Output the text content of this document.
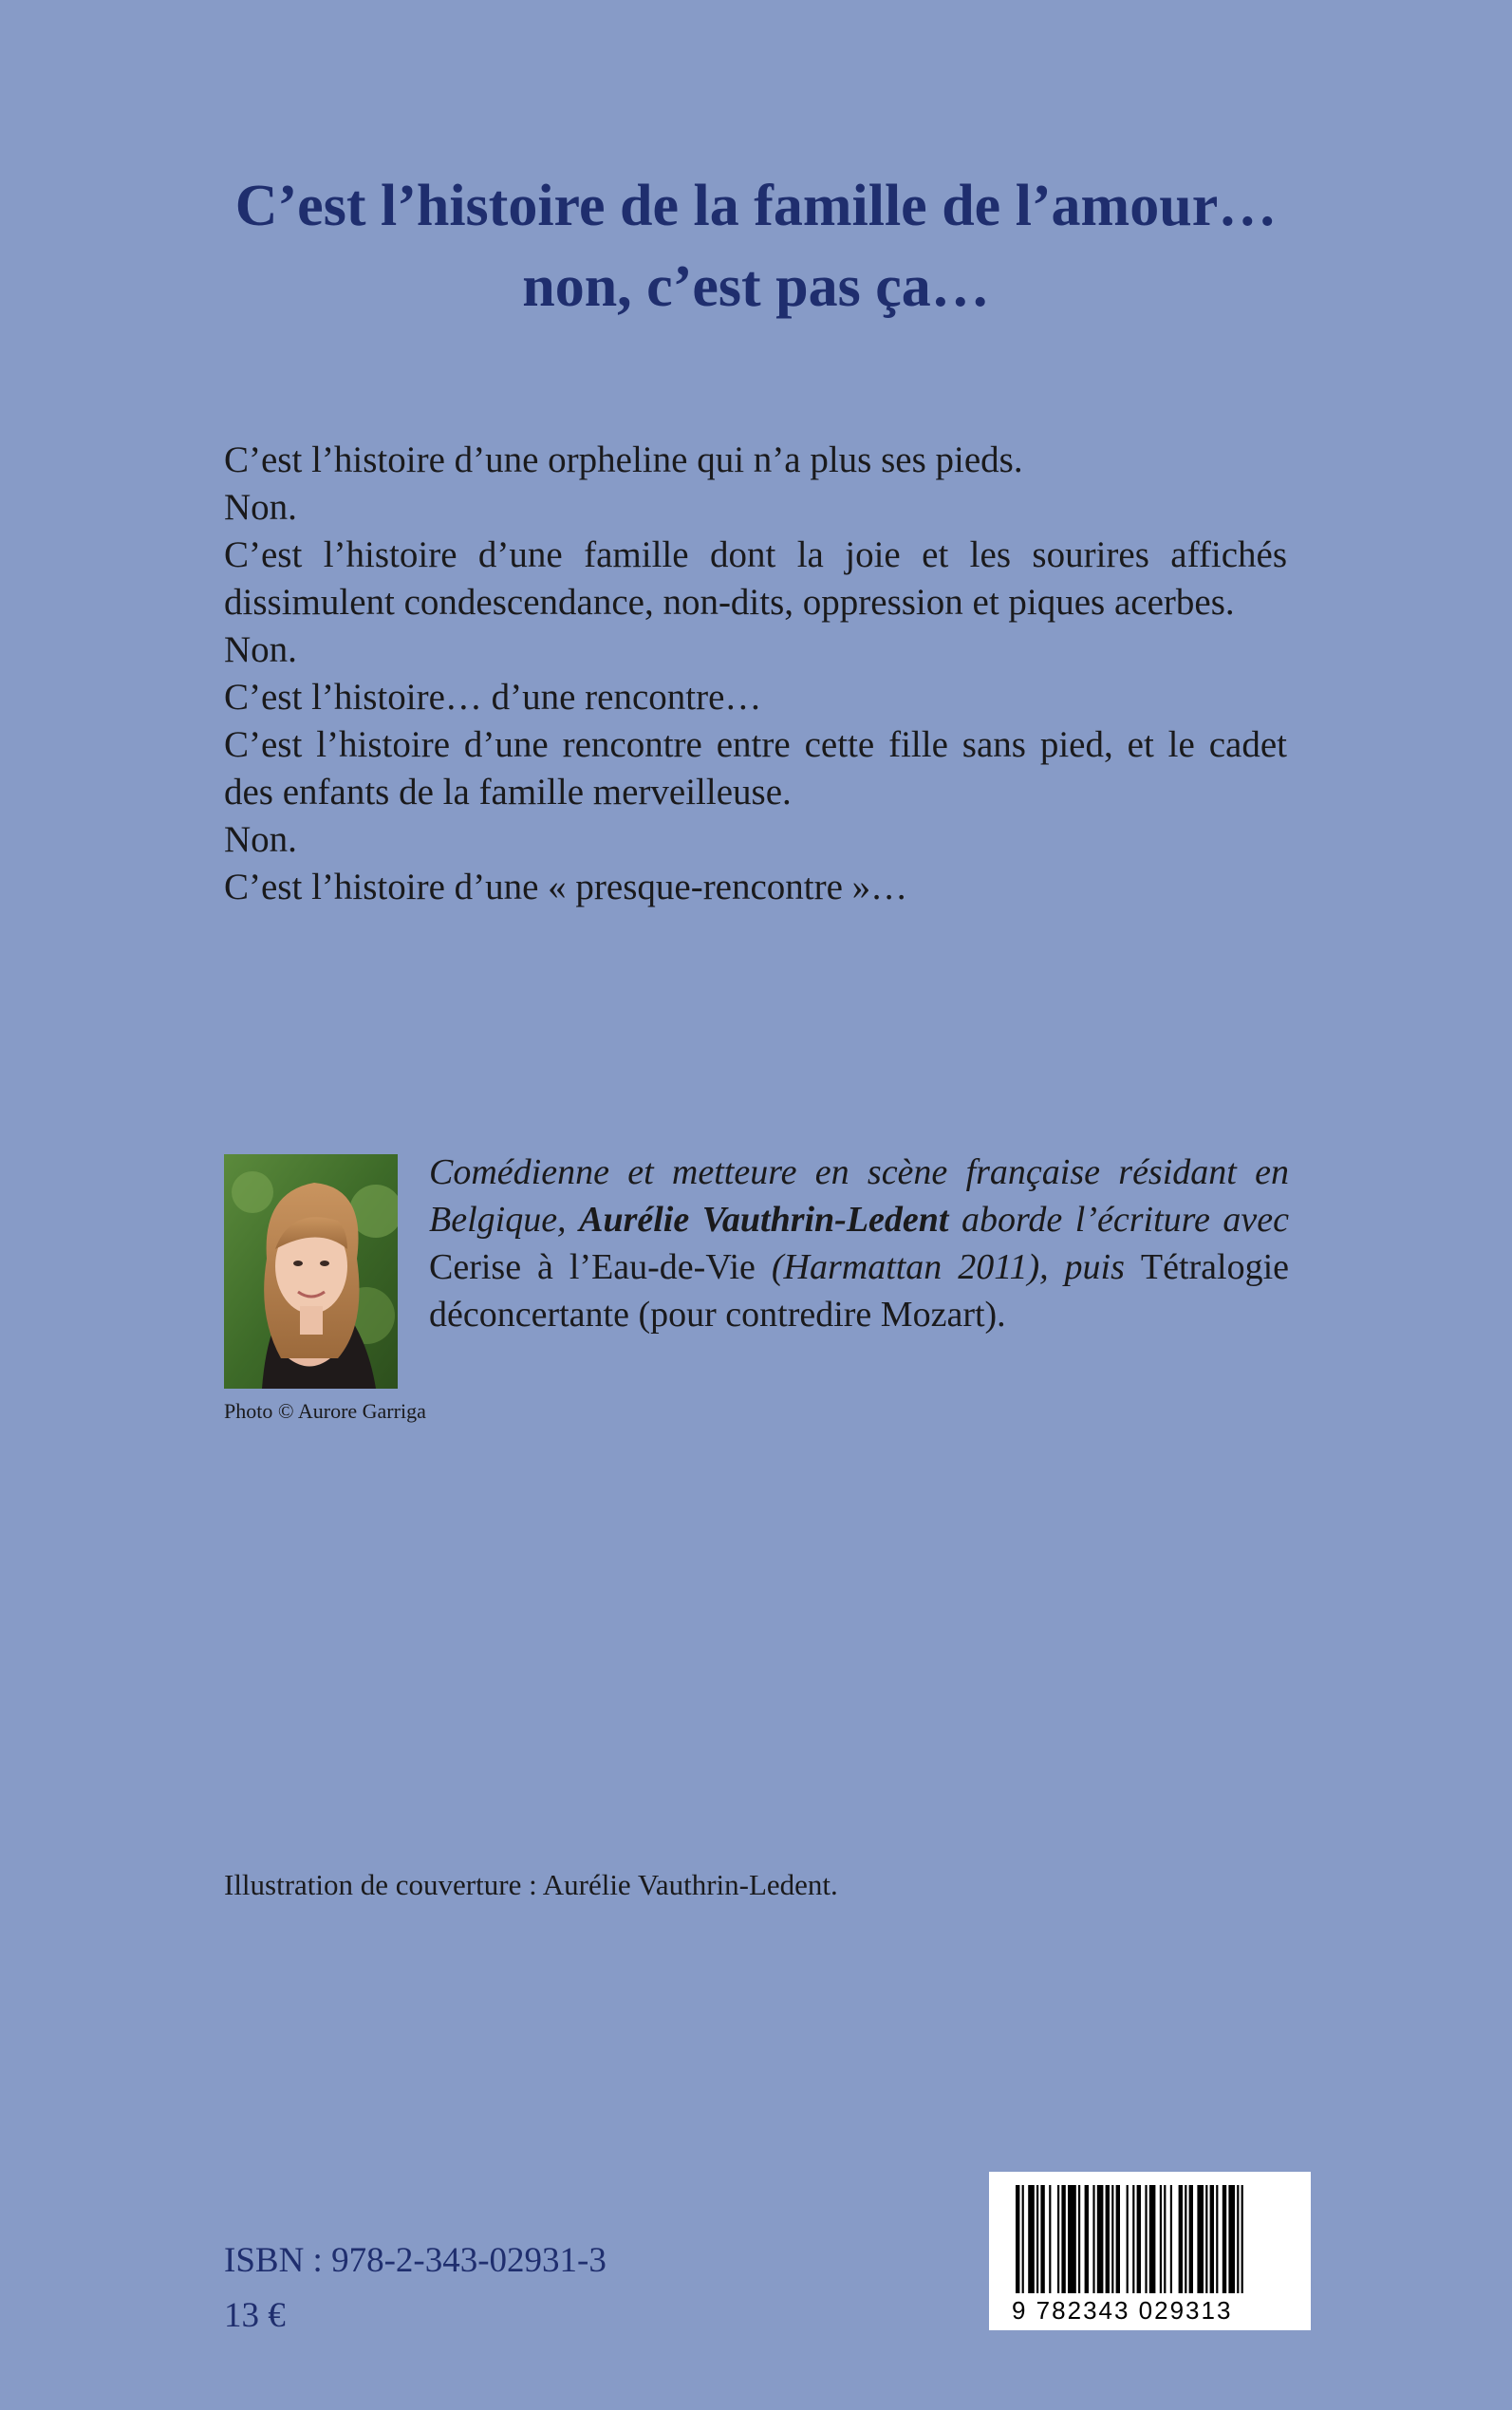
C’est l’histoire de la famille de l’amour…
non, c’est pas ça…

C’est l’histoire d’une orpheline qui n’a plus ses pieds.

Non.

C’est l’histoire d’une famille dont la joie et les sourires affichés dissimulent condescendance, non-dits, oppression et piques acerbes.

Non.

C’est l’histoire… d’une rencontre…

C’est l’histoire d’une rencontre entre cette fille sans pied, et le cadet des enfants de la famille merveilleuse.

Non.

C’est l’histoire d’une « presque-rencontre »…

Photo © Aurore Garriga
Comédienne et metteure en scène française résidant en Belgique, Aurélie Vauthrin-Ledent aborde l’écriture avec Cerise à l’Eau-de-Vie (Harmattan 2011), puis Tétralogie déconcertante (pour contredire Mozart).
Illustration de couverture : Aurélie Vauthrin-Ledent.
ISBN : 978-2-343-02931-3
13 €	9 782343 029313
